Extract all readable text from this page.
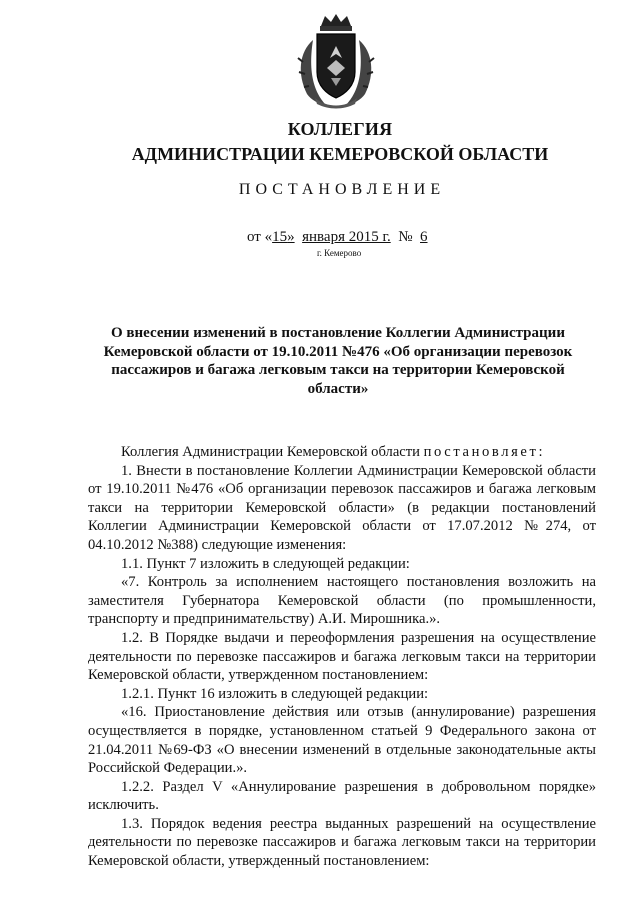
КОЛЛЕГИЯ
АДМИНИСТРАЦИИ КЕМЕРОВСКОЙ ОБЛАСТИ
ПОСТАНОВЛЕНИЕ
от «15» января 2015 г. № 6
г. Кемерово
О внесении изменений в постановление Коллегии Администрации Кемеровской области от 19.10.2011 №476 «Об организации перевозок пассажиров и багажа легковым такси на территории Кемеровской области»

Коллегия Администрации Кемеровской области постановляет:

1. Внести в постановление Коллегии Администрации Кемеровской области от 19.10.2011 №476 «Об организации перевозок пассажиров и багажа легковым такси на территории Кемеровской области» (в редакции постановлений Коллегии Администрации Кемеровской области от 17.07.2012 №274, от 04.10.2012 №388) следующие изменения:

1.1. Пункт 7 изложить в следующей редакции:

«7. Контроль за исполнением настоящего постановления возложить на заместителя Губернатора Кемеровской области (по промышленности, транспорту и предпринимательству) А.И. Мирошника.».

1.2. В Порядке выдачи и переоформления разрешения на осуществление деятельности по перевозке пассажиров и багажа легковым такси на территории Кемеровской области, утвержденном постановлением:

1.2.1. Пункт 16 изложить в следующей редакции:

«16. Приостановление действия или отзыв (аннулирование) разрешения осуществляется в порядке, установленном статьей 9 Федерального закона от 21.04.2011 №69-ФЗ «О внесении изменений в отдельные законодательные акты Российской Федерации.».

1.2.2. Раздел V «Аннулирование разрешения в добровольном порядке» исключить.

1.3. Порядок ведения реестра выданных разрешений на осуществление деятельности по перевозке пассажиров и багажа легковым такси на территории Кемеровской области, утвержденный постановлением:
